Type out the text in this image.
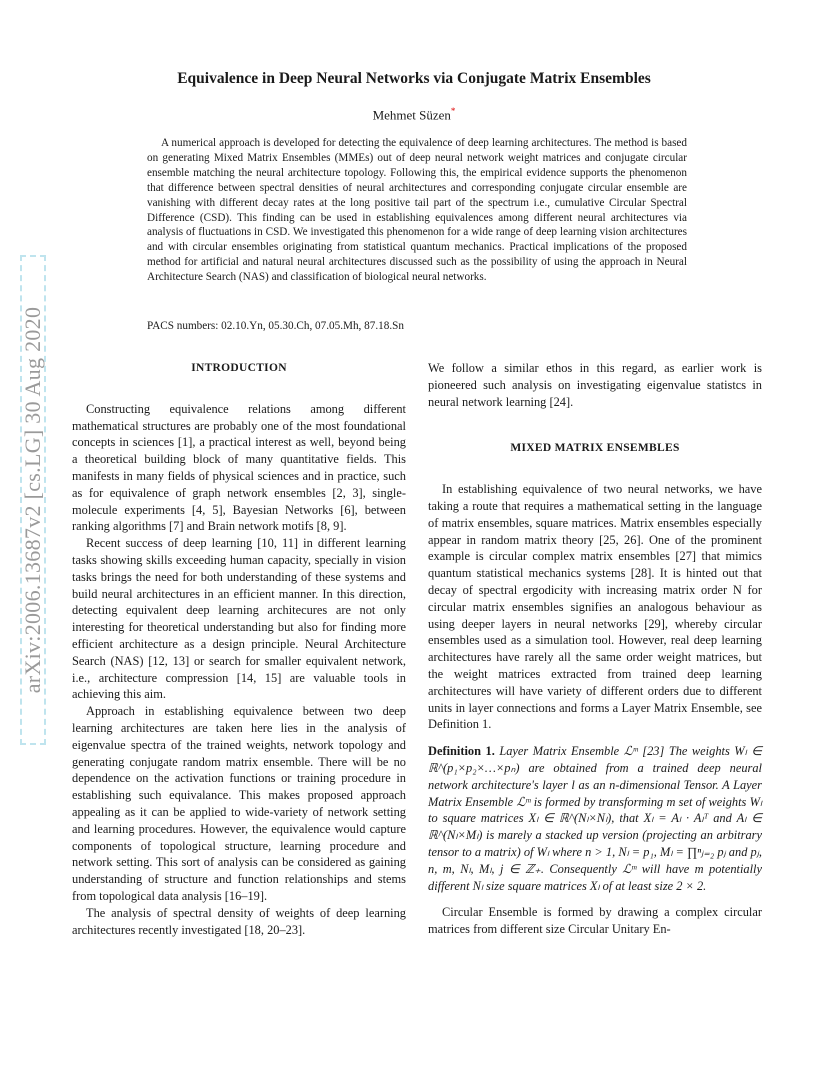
arXiv:2006.13687v2 [cs.LG] 30 Aug 2020
Equivalence in Deep Neural Networks via Conjugate Matrix Ensembles
Mehmet Süzen*
A numerical approach is developed for detecting the equivalence of deep learning architectures. The method is based on generating Mixed Matrix Ensembles (MMEs) out of deep neural network weight matrices and conjugate circular ensemble matching the neural architecture topology. Following this, the empirical evidence supports the phenomenon that difference between spectral densities of neural architectures and corresponding conjugate circular ensemble are vanishing with different decay rates at the long positive tail part of the spectrum i.e., cumulative Circular Spectral Difference (CSD). This finding can be used in establishing equivalences among different neural architectures via analysis of fluctuations in CSD. We investigated this phenomenon for a wide range of deep learning vision architectures and with circular ensembles originating from statistical quantum mechanics. Practical implications of the proposed method for artificial and natural neural architectures discussed such as the possibility of using the approach in Neural Architecture Search (NAS) and classification of biological neural networks.
PACS numbers: 02.10.Yn, 05.30.Ch, 07.05.Mh, 87.18.Sn

INTRODUCTION

Constructing equivalence relations among different mathematical structures are probably one of the most foundational concepts in sciences [1], a practical interest as well, beyond being a theoretical building block of many quantitative fields. This manifests in many fields of physical sciences and in practice, such as for equivalence of graph network ensembles [2, 3], single-molecule experiments [4, 5], Bayesian Networks [6], between ranking algorithms [7] and Brain network motifs [8, 9].

Recent success of deep learning [10, 11] in different learning tasks showing skills exceeding human capacity, specially in vision tasks brings the need for both understanding of these systems and build neural architectures in an efficient manner. In this direction, detecting equivalent deep learning architecures are not only interesting for theoretical understanding but also for finding more efficient architecture as a design principle. Neural Architecture Search (NAS) [12, 13] or search for smaller equivalent network, i.e., architecture compression [14, 15] are valuable tools in achieving this aim.

Approach in establishing equivalence between two deep learning architectures are taken here lies in the analysis of eigenvalue spectra of the trained weights, network topology and generating conjugate random matrix ensemble. There will be no dependence on the activation functions or training procedure in establishing such equivalance. This makes proposed approach appealing as it can be applied to wide-variety of network setting and learning procedures. However, the equivalence would capture components of topological structure, learning procedure and network setting. This sort of analysis can be considered as gaining understanding of structure and function relationships and stems from topological data analysis [16–19].

The analysis of spectral density of weights of deep learning architectures recently investigated [18, 20–23].

We follow a similar ethos in this regard, as earlier work is pioneered such analysis on investigating eigenvalue statistcs in neural network learning [24].

MIXED MATRIX ENSEMBLES

In establishing equivalence of two neural networks, we have taking a route that requires a mathematical setting in the language of matrix ensembles, square matrices. Matrix ensembles especially appear in random matrix theory [25, 26]. One of the prominent example is circular complex matrix ensembles [27] that mimics quantum statistical mechanics systems [28]. It is hinted out that decay of spectral ergodicity with increasing matrix order N for circular matrix ensembles signifies an analogous behaviour as using deeper layers in neural networks [29], whereby circular ensembles used as a simulation tool. However, real deep learning architectures have rarely all the same order weight matrices, but the weight matrices extracted from trained deep learning architectures will have variety of different orders due to different units in layer connections and forms a Layer Matrix Ensemble, see Definition 1.

Definition 1. Layer Matrix Ensemble ℒᵐ [23] The weights Wₗ ∈ ℝ^(p₁×p₂×…×pₙ) are obtained from a trained deep neural network architecture's layer l as an n-dimensional Tensor. A Layer Matrix Ensemble ℒᵐ is formed by transforming m set of weights Wₗ to square matrices Xₗ ∈ ℝ^(Nₗ×Nₗ), that Xₗ = Aₗ · Aₗᵀ and Aₗ ∈ ℝ^(Nₗ×Mₗ) is marely a stacked up version (projecting an arbitrary tensor to a matrix) of Wₗ where n > 1, Nₗ = p₁, Mₗ = ∏ⁿⱼ₌₂ pⱼ and pⱼ, n, m, Nₗ, Mₗ, j ∈ ℤ₊. Consequently ℒᵐ will have m potentially different Nₗ size square matrices Xₗ of at least size 2 × 2.

Circular Ensemble is formed by drawing a complex circular matrices from different size Circular Unitary En-
